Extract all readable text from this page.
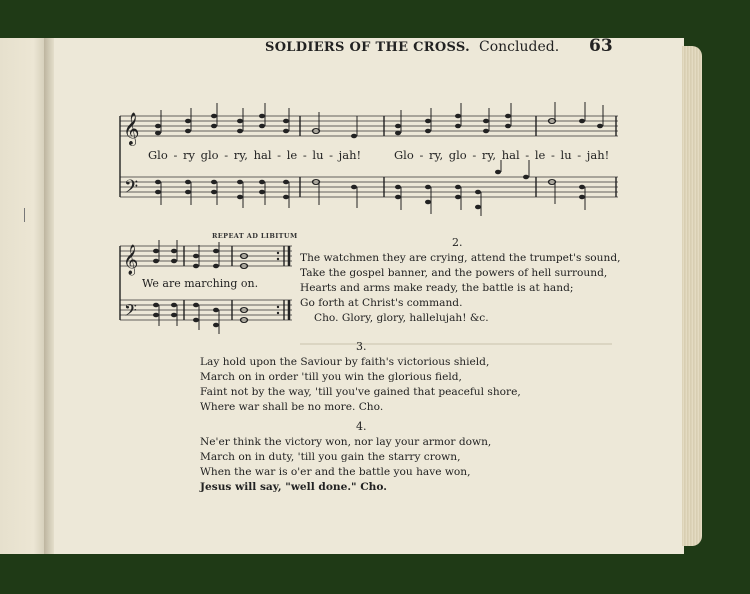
SOLDIERS OF THE CROSS. Concluded. 63
𝄞
𝄢
𝄞
𝄢
Glo - ry glo - ry, hal - le - lu - jah!	Glo - ry, glo - ry, hal - le - lu - jah!
REPEAT AD LIBITUM
We are marching on.
2.
The watchmen they are crying, attend the trumpet's sound,
Take the gospel banner, and the powers of hell surround,
Hearts and arms make ready, the battle is at hand;
Go forth at Christ's command.
Cho. Glory, glory, hallelujah! &c.
3.
Lay hold upon the Saviour by faith's victorious shield,
March on in order 'till you win the glorious field,
Faint not by the way, 'till you've gained that peaceful shore,
Where war shall be no more. Cho.
4.
Ne'er think the victory won, nor lay your armor down,
March on in duty, 'till you gain the starry crown,
When the war is o'er and the battle you have won,
Jesus will say, "well done." Cho.
